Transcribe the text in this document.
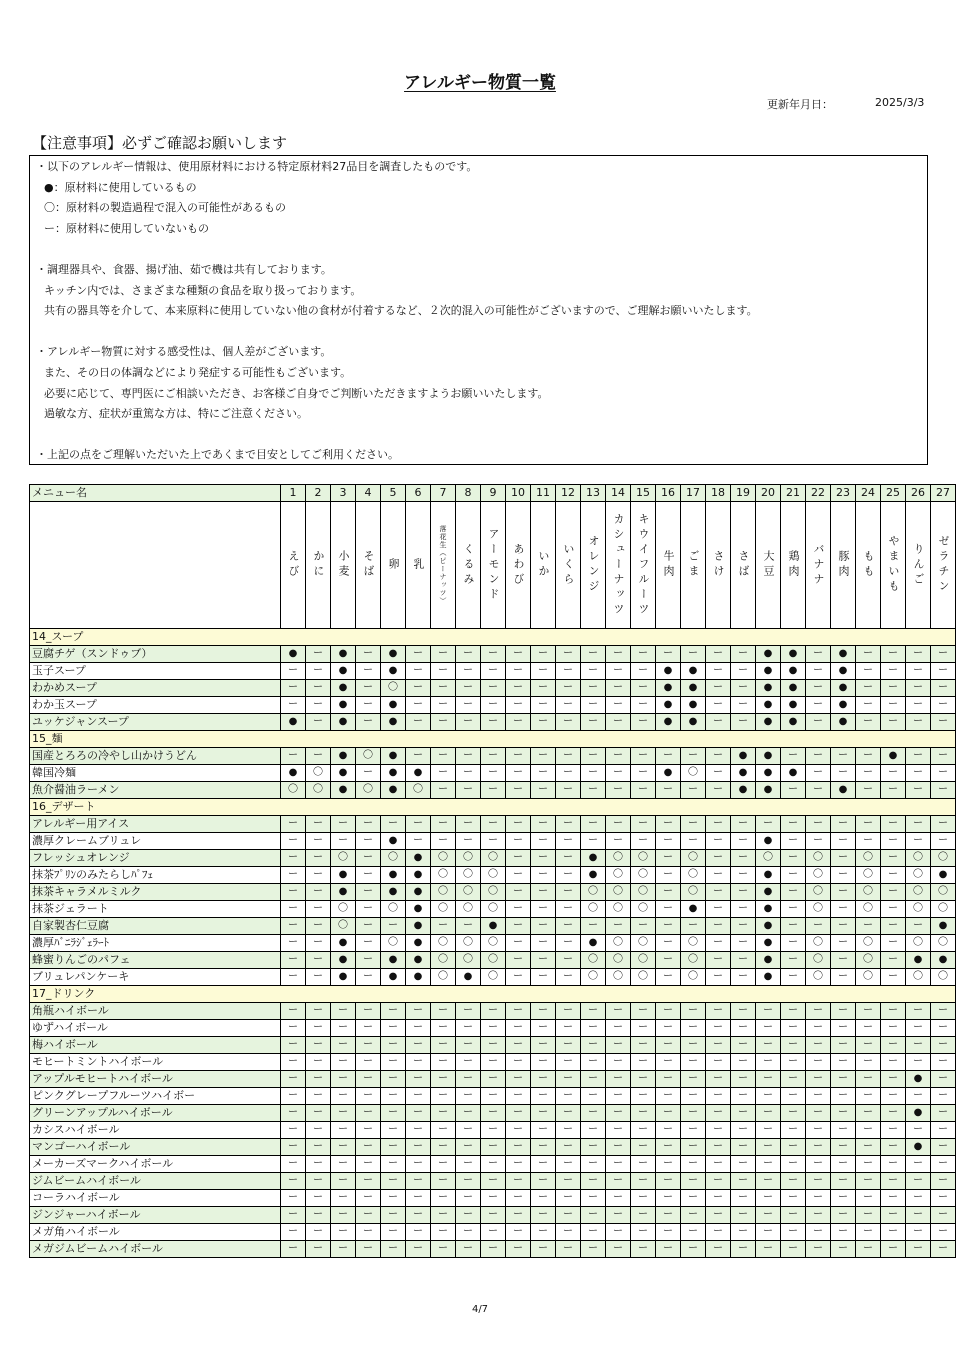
アレルギー物質一覧
更新年月日：	2025/3/3
【注意事項】必ずご確認お願いします
・以下のアレルギー情報は、使用原材料における特定原材料27品目を調査したものです。
●：原材料に使用しているもの
〇：原材料の製造過程で混入の可能性があるもの
ー：原材料に使用していないもの
・調理器具や、食器、揚げ油、茹で機は共有しております。
キッチン内では、さまざまな種類の食品を取り扱っております。
共有の器具等を介して、本来原料に使用していない他の食材が付着するなど、２次的混入の可能性がございますので、ご理解お願いいたします。
・アレルギー物質に対する感受性は、個人差がございます。
また、その日の体調などにより発症する可能性もございます。
必要に応じて、専門医にご相談いただき、お客様ご自身でご判断いただきますようお願いいたします。
過敏な方、症状が重篤な方は、特にご注意ください。
・上記の点をご理解いただいた上であくまで目安としてご利用ください。
メニュー名	1	2	3	4	5	6	7	8	9	10	11	12	13	14	15	16	17	18	19	20	21	22	23	24	25	26	27	

	えび	かに	小麦	そば	卵	乳	落花生（ピーナッツ）	くるみ	アーモンド	あわび	いか	いくら	オレンジ	カシューナッツ	キウイフルーツ	牛肉	ごま	さけ	さば	大豆	鶏肉	バナナ	豚肉	もも	やまいも	りんご	ゼラチン	

14_スープ																												
豆腐チゲ（スンドゥブ）	●	ー	●	ー	●	ー	ー	ー	ー	ー	ー	ー	ー	ー	ー	ー	ー	ー	ー	●	●	ー	●	ー	ー	ー	ー	
玉子スープ	ー	ー	●	ー	●	ー	ー	ー	ー	ー	ー	ー	ー	ー	ー	●	●	ー	ー	●	●	ー	●	ー	ー	ー	ー	
わかめスープ	ー	ー	●	ー	〇	ー	ー	ー	ー	ー	ー	ー	ー	ー	ー	●	●	ー	ー	●	●	ー	●	ー	ー	ー	ー	
わか玉スープ	ー	ー	●	ー	●	ー	ー	ー	ー	ー	ー	ー	ー	ー	ー	●	●	ー	ー	●	●	ー	●	ー	ー	ー	ー	
ユッケジャンスープ	●	ー	●	ー	●	ー	ー	ー	ー	ー	ー	ー	ー	ー	ー	●	●	ー	ー	●	●	ー	●	ー	ー	ー	ー	
15_麺																												
国産とろろの冷やし山かけうどん	ー	ー	●	〇	●	ー	ー	ー	ー	ー	ー	ー	ー	ー	ー	ー	ー	ー	●	●	ー	ー	ー	ー	●	ー	ー	
韓国冷麺	●	〇	●	ー	●	●	ー	ー	ー	ー	ー	ー	ー	ー	ー	●	〇	ー	●	●	●	ー	ー	ー	ー	ー	ー	
魚介醤油ラーメン	〇	〇	●	〇	●	〇	ー	ー	ー	ー	ー	ー	ー	ー	ー	ー	ー	ー	●	●	ー	ー	●	ー	ー	ー	ー	
16_デザート																												
アレルギー用アイス	ー	ー	ー	ー	ー	ー	ー	ー	ー	ー	ー	ー	ー	ー	ー	ー	ー	ー	ー	ー	ー	ー	ー	ー	ー	ー	ー	
濃厚クレームブリュレ	ー	ー	ー	ー	●	ー	ー	ー	ー	ー	ー	ー	ー	ー	ー	ー	ー	ー	ー	●	ー	ー	ー	ー	ー	ー	ー	
フレッシュオレンジ	ー	ー	〇	ー	〇	●	〇	〇	〇	ー	ー	ー	●	〇	〇	ー	〇	ー	ー	〇	ー	〇	ー	〇	ー	〇	〇	
抹茶ﾌﾟﾘﾝのみたらしﾊﾟﾌｪ	ー	ー	●	ー	●	●	〇	〇	〇	ー	ー	ー	●	〇	〇	ー	〇	ー	ー	●	ー	〇	ー	〇	ー	〇	●	
抹茶キャラメルミルク	ー	ー	●	ー	●	●	〇	〇	〇	ー	ー	ー	〇	〇	〇	ー	〇	ー	ー	●	ー	〇	ー	〇	ー	〇	〇	
抹茶ジェラート	ー	ー	〇	ー	〇	●	〇	〇	〇	ー	ー	ー	〇	〇	〇	ー	●	ー	ー	●	ー	〇	ー	〇	ー	〇	〇	
自家製杏仁豆腐	ー	ー	〇	ー	ー	●	ー	ー	●	ー	ー	ー	ー	ー	ー	ー	ー	ー	ー	●	ー	ー	ー	ー	ー	ー	●	
濃厚ﾊﾞﾆﾗｼﾞｪﾗｰﾄ	ー	ー	●	ー	〇	●	〇	〇	〇	ー	ー	ー	●	〇	〇	ー	〇	ー	ー	●	ー	〇	ー	〇	ー	〇	〇	
蜂蜜りんごのパフェ	ー	ー	●	ー	●	●	〇	〇	〇	ー	ー	ー	〇	〇	〇	ー	〇	ー	ー	●	ー	〇	ー	〇	ー	●	●	
ブリュレパンケーキ	ー	ー	●	ー	●	●	〇	●	〇	ー	ー	ー	〇	〇	〇	ー	〇	ー	ー	●	ー	〇	ー	〇	ー	〇	〇	
17_ドリンク																												
角瓶ハイボール	ー	ー	ー	ー	ー	ー	ー	ー	ー	ー	ー	ー	ー	ー	ー	ー	ー	ー	ー	ー	ー	ー	ー	ー	ー	ー	ー	
ゆずハイボール	ー	ー	ー	ー	ー	ー	ー	ー	ー	ー	ー	ー	ー	ー	ー	ー	ー	ー	ー	ー	ー	ー	ー	ー	ー	ー	ー	
梅ハイボール	ー	ー	ー	ー	ー	ー	ー	ー	ー	ー	ー	ー	ー	ー	ー	ー	ー	ー	ー	ー	ー	ー	ー	ー	ー	ー	ー	
モヒートミントハイボール	ー	ー	ー	ー	ー	ー	ー	ー	ー	ー	ー	ー	ー	ー	ー	ー	ー	ー	ー	ー	ー	ー	ー	ー	ー	ー	ー	
アップルモヒートハイボール	ー	ー	ー	ー	ー	ー	ー	ー	ー	ー	ー	ー	ー	ー	ー	ー	ー	ー	ー	ー	ー	ー	ー	ー	ー	●	ー	
ピンクグレープフルーツハイボー	ー	ー	ー	ー	ー	ー	ー	ー	ー	ー	ー	ー	ー	ー	ー	ー	ー	ー	ー	ー	ー	ー	ー	ー	ー	ー	ー	
グリーンアップルハイボール	ー	ー	ー	ー	ー	ー	ー	ー	ー	ー	ー	ー	ー	ー	ー	ー	ー	ー	ー	ー	ー	ー	ー	ー	ー	●	ー	
カシスハイボール	ー	ー	ー	ー	ー	ー	ー	ー	ー	ー	ー	ー	ー	ー	ー	ー	ー	ー	ー	ー	ー	ー	ー	ー	ー	ー	ー	
マンゴーハイボール	ー	ー	ー	ー	ー	ー	ー	ー	ー	ー	ー	ー	ー	ー	ー	ー	ー	ー	ー	ー	ー	ー	ー	ー	ー	●	ー	
メーカーズマークハイボール	ー	ー	ー	ー	ー	ー	ー	ー	ー	ー	ー	ー	ー	ー	ー	ー	ー	ー	ー	ー	ー	ー	ー	ー	ー	ー	ー	
ジムビームハイボール	ー	ー	ー	ー	ー	ー	ー	ー	ー	ー	ー	ー	ー	ー	ー	ー	ー	ー	ー	ー	ー	ー	ー	ー	ー	ー	ー	
コーラハイボール	ー	ー	ー	ー	ー	ー	ー	ー	ー	ー	ー	ー	ー	ー	ー	ー	ー	ー	ー	ー	ー	ー	ー	ー	ー	ー	ー	
ジンジャーハイボール	ー	ー	ー	ー	ー	ー	ー	ー	ー	ー	ー	ー	ー	ー	ー	ー	ー	ー	ー	ー	ー	ー	ー	ー	ー	ー	ー	
メガ角ハイボール	ー	ー	ー	ー	ー	ー	ー	ー	ー	ー	ー	ー	ー	ー	ー	ー	ー	ー	ー	ー	ー	ー	ー	ー	ー	ー	ー	
メガジムビームハイボール	ー	ー	ー	ー	ー	ー	ー	ー	ー	ー	ー	ー	ー	ー	ー	ー	ー	ー	ー	ー	ー	ー	ー	ー	ー	ー	ー	
4/7
